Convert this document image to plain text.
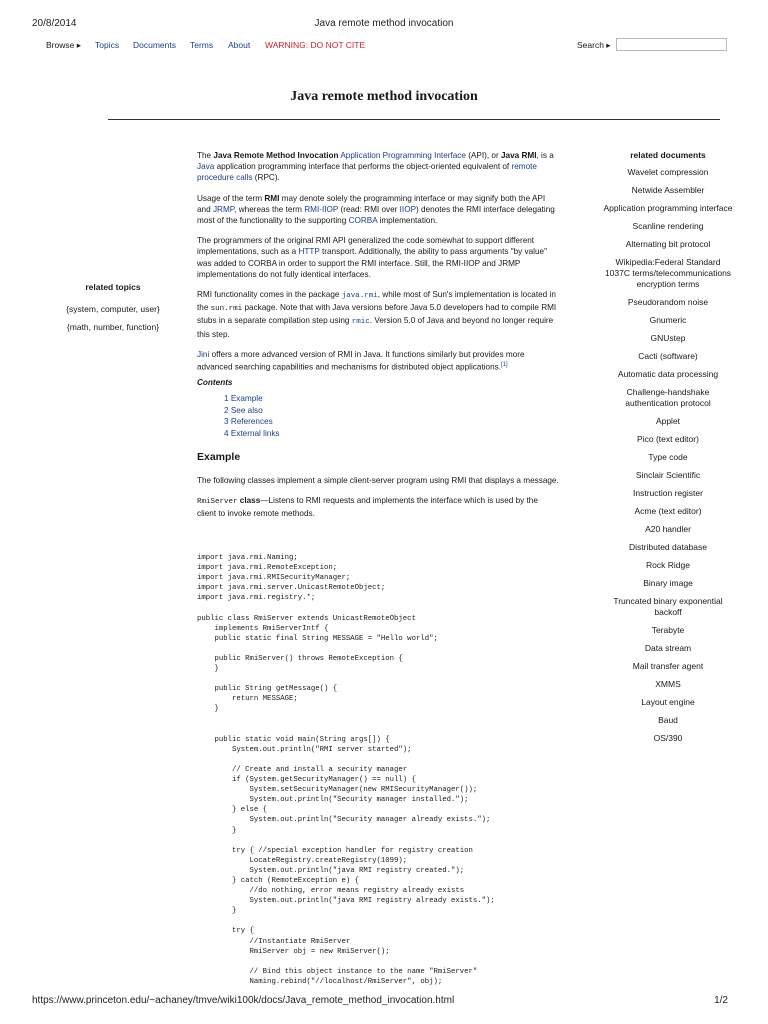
20/8/2014	Java remote method invocation
Browse ▸ Topics Documents Terms About WARNING: DO NOT CITE	Search ▸
Java remote method invocation
related topics
{system, computer, user}
{math, number, function}
related documents
Wavelet compression
Netwide Assembler
Application programming interface
Scanline rendering
Alternating bit protocol
Wikipedia:Federal Standard 1037C terms/telecommunications encryption terms
Pseudorandom noise
Gnumeric
GNUstep
Cacti (software)
Automatic data processing
Challenge-handshake authentication protocol
Applet
Pico (text editor)
Type code
Sinclair Scientific
Instruction register
Acme (text editor)
A20 handler
Distributed database
Rock Ridge
Binary image
Truncated binary exponential backoff
Terabyte
Data stream
Mail transfer agent
XMMS
Layout engine
Baud
OS/390

The Java Remote Method Invocation Application Programming Interface (API), or Java RMI, is a Java application programming interface that performs the object-oriented equivalent of remote procedure calls (RPC).

Usage of the term RMI may denote solely the programming interface or may signify both the API and JRMP, whereas the term RMI-IIOP (read: RMI over IIOP) denotes the RMI interface delegating most of the functionality to the supporting CORBA implementation.

The programmers of the original RMI API generalized the code somewhat to support different implementations, such as a HTTP transport. Additionally, the ability to pass arguments "by value" was added to CORBA in order to support the RMI interface. Still, the RMI-IIOP and JRMP implementations do not fully identical interfaces.

RMI functionality comes in the package java.rmi, while most of Sun's implementation is located in the sun.rmi package. Note that with Java versions before Java 5.0 developers had to compile RMI stubs in a separate compilation step using rmic. Version 5.0 of Java and beyond no longer require this step.

Jini offers a more advanced version of RMI in Java. It functions similarly but provides more advanced searching capabilities and mechanisms for distributed object applications.[1]

Contents
1 Example
2 See also
3 References
4 External links
Example

The following classes implement a simple client-server program using RMI that displays a message.

RmiServer class—Listens to RMI requests and implements the interface which is used by the client to invoke remote methods.

import java.rmi.Naming;
import java.rmi.RemoteException;
import java.rmi.RMISecurityManager;
import java.rmi.server.UnicastRemoteObject;
import java.rmi.registry.*;

public class RmiServer extends UnicastRemoteObject
implements RmiServerIntf {
public static final String MESSAGE = "Hello world";

public RmiServer() throws RemoteException {
}

public String getMessage() {
return MESSAGE;
}

public static void main(String args[]) {
System.out.println("RMI server started");

// Create and install a security manager
if (System.getSecurityManager() == null) {
System.setSecurityManager(new RMISecurityManager());
System.out.println("Security manager installed.");
} else {
System.out.println("Security manager already exists.");
}

try { //special exception handler for registry creation
LocateRegistry.createRegistry(1099);
System.out.println("java RMI registry created.");
} catch (RemoteException e) {
//do nothing, error means registry already exists
System.out.println("java RMI registry already exists.");
}

try {
//Instantiate RmiServer
RmiServer obj = new RmiServer();

// Bind this object instance to the name "RmiServer"
Naming.rebind("//localhost/RmiServer", obj);
https://www.princeton.edu/~achaney/tmve/wiki100k/docs/Java_remote_method_invocation.html	1/2
